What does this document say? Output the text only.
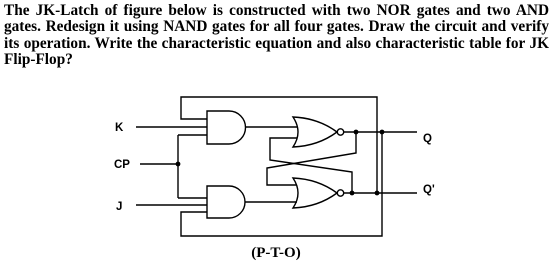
The JK-Latch of figure below is constructed with two NOR gates and two AND gates. Redesign it using NAND gates for all four gates. Draw the circuit and verify its operation. Write the characteristic equation and also characteristic table for JK Flip-Flop?

K
CP
J
Q
Q'

(P-T-O)
